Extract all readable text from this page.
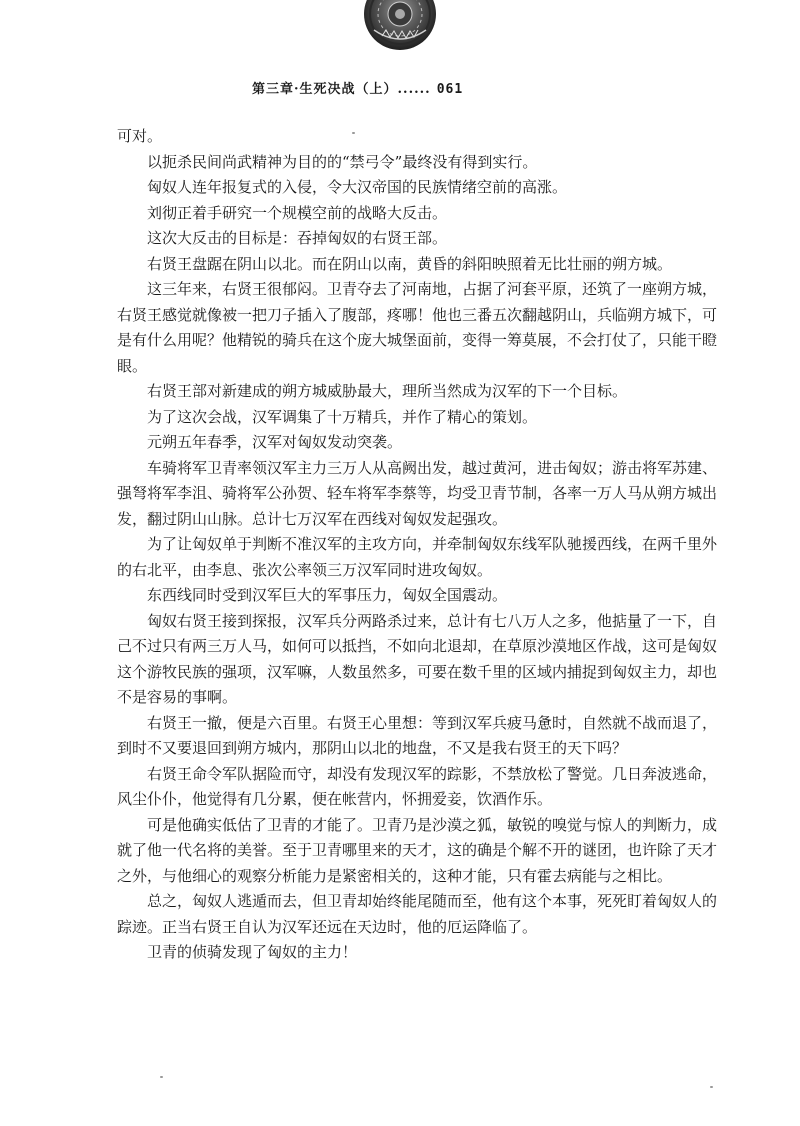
第三章·生死决战（上）...... 061

可对。

以扼杀民间尚武精神为目的的“禁弓令”最终没有得到实行。

匈奴人连年报复式的入侵，令大汉帝国的民族情绪空前的高涨。

刘彻正着手研究一个规模空前的战略大反击。

这次大反击的目标是：吞掉匈奴的右贤王部。

右贤王盘踞在阴山以北。而在阴山以南，黄昏的斜阳映照着无比壮丽的朔方城。

这三年来，右贤王很郁闷。卫青夺去了河南地，占据了河套平原，还筑了一座朔方城，右贤王感觉就像被一把刀子插入了腹部，疼哪！他也三番五次翻越阴山，兵临朔方城下，可是有什么用呢？他精锐的骑兵在这个庞大城堡面前，变得一筹莫展，不会打仗了，只能干瞪眼。

右贤王部对新建成的朔方城威胁最大，理所当然成为汉军的下一个目标。

为了这次会战，汉军调集了十万精兵，并作了精心的策划。

元朔五年春季，汉军对匈奴发动突袭。

车骑将军卫青率领汉军主力三万人从高阙出发，越过黄河，进击匈奴；游击将军苏建、强弩将军李沮、骑将军公孙贺、轻车将军李蔡等，均受卫青节制，各率一万人马从朔方城出发，翻过阴山山脉。总计七万汉军在西线对匈奴发起强攻。

为了让匈奴单于判断不准汉军的主攻方向，并牵制匈奴东线军队驰援西线，在两千里外的右北平，由李息、张次公率领三万汉军同时进攻匈奴。

东西线同时受到汉军巨大的军事压力，匈奴全国震动。

匈奴右贤王接到探报，汉军兵分两路杀过来，总计有七八万人之多，他掂量了一下，自己不过只有两三万人马，如何可以抵挡，不如向北退却，在草原沙漠地区作战，这可是匈奴这个游牧民族的强项，汉军嘛，人数虽然多，可要在数千里的区域内捕捉到匈奴主力，却也不是容易的事啊。

右贤王一撤，便是六百里。右贤王心里想：等到汉军兵疲马惫时，自然就不战而退了，到时不又要退回到朔方城内，那阴山以北的地盘，不又是我右贤王的天下吗？

右贤王命令军队据险而守，却没有发现汉军的踪影，不禁放松了警觉。几日奔波逃命，风尘仆仆，他觉得有几分累，便在帐营内，怀拥爱妾，饮酒作乐。

可是他确实低估了卫青的才能了。卫青乃是沙漠之狐，敏锐的嗅觉与惊人的判断力，成就了他一代名将的美誉。至于卫青哪里来的天才，这的确是个解不开的谜团，也许除了天才之外，与他细心的观察分析能力是紧密相关的，这种才能，只有霍去病能与之相比。

总之，匈奴人逃遁而去，但卫青却始终能尾随而至，他有这个本事，死死盯着匈奴人的踪迹。正当右贤王自认为汉军还远在天边时，他的厄运降临了。

卫青的侦骑发现了匈奴的主力！
